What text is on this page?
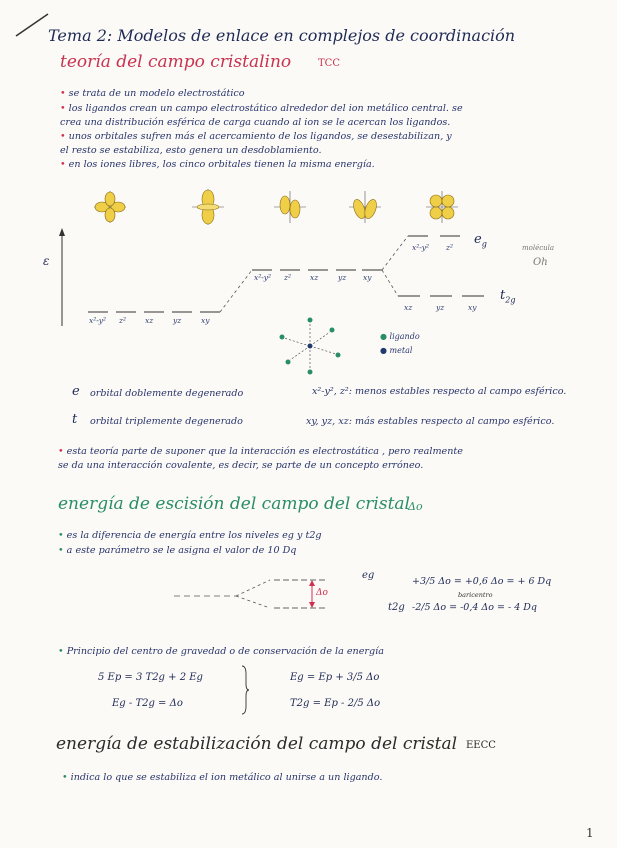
Tema 2: Modelos de enlace en complejos de coordinación
teoría del campo cristalino	TCC
• se trata de un modelo electrostático
• los ligandos crean un campo electrostático alrededor del ion metálico central. se
crea una distribución esférica de carga cuando al ion se le acercan los ligandos.
• unos orbitales sufren más el acercamiento de los ligandos, se desestabilizan, y
el resto se estabiliza, esto genera un desdoblamiento.
• en los iones libres, los cinco orbitales tienen la misma energía.
ε
x²-y² z²	xz	yz	xy
x²-y² z²	xz	yz xy
x²-y² z²
$e_g$
xz	yz	xy
$t_{2g}$
molécula
Oh
● ligando
● metal
e orbital doblemente degenerado	x²-y², z²: menos estables respecto al campo esférico.
t orbital triplemente degenerado	xy, yz, xz: más estables respecto al campo esférico.
• esta teoría parte de suponer que la interacción es electrostática , pero realmente
se da una interacción covalente, es decir, se parte de un concepto erróneo.
energía de escisión del campo del cristal
Δo
• es la diferencia de energía entre los niveles eg y t2g
• a este parámetro se le asigna el valor de 10 Dq
eg
t2g
Δo
+3/5 Δo = +0,6 Δo = + 6 Dq
baricentro
-2/5 Δo = -0,4 Δo = - 4 Dq
• Principio del centro de gravedad o de conservación de la energía
5 Ep = 3 T2g + 2 Eg
Eg - T2g = Δo
Eg = Ep + 3/5 Δo
T2g = Ep - 2/5 Δo
energía de estabilización del campo del cristal EECC
• indica lo que se estabiliza el ion metálico al unirse a un ligando.
1
